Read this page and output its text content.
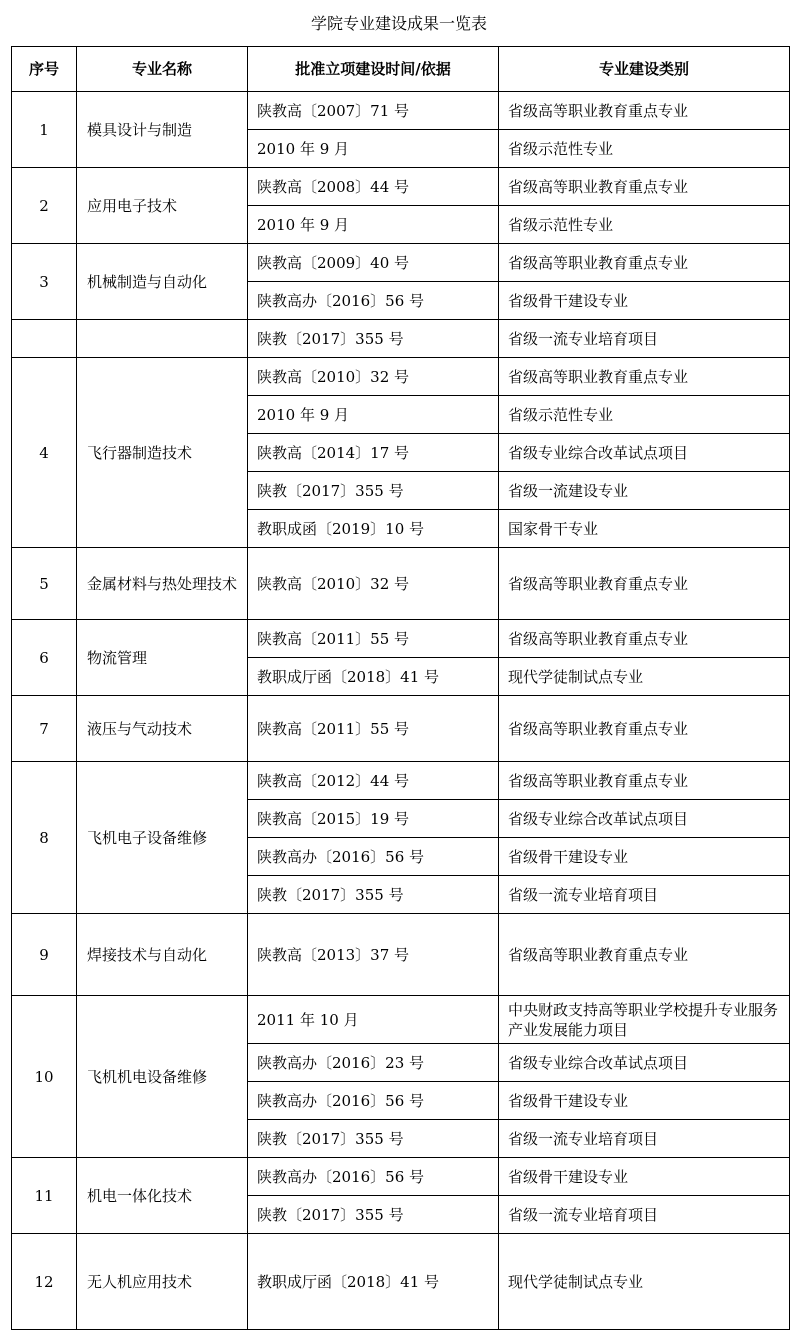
学院专业建设成果一览表
序号	专业名称	批准立项建设时间/依据	专业建设类别
1	模具设计与制造	陕教高〔2007〕71 号	省级高等职业教育重点专业
		2010 年 9 月	省级示范性专业
2	应用电子技术	陕教高〔2008〕44 号	省级高等职业教育重点专业
		2010 年 9 月	省级示范性专业
3	机械制造与自动化	陕教高〔2009〕40 号	省级高等职业教育重点专业
		陕教高办〔2016〕56 号	省级骨干建设专业
		陕教〔2017〕355 号	省级一流专业培育项目
4	飞行器制造技术	陕教高〔2010〕32 号	省级高等职业教育重点专业
		2010 年 9 月	省级示范性专业
		陕教高〔2014〕17 号	省级专业综合改革试点项目
		陕教〔2017〕355 号	省级一流建设专业
		教职成函〔2019〕10 号	国家骨干专业
5	金属材料与热处理技术	陕教高〔2010〕32 号	省级高等职业教育重点专业
6	物流管理	陕教高〔2011〕55 号	省级高等职业教育重点专业
		教职成厅函〔2018〕41 号	现代学徒制试点专业
7	液压与气动技术	陕教高〔2011〕55 号	省级高等职业教育重点专业
8	飞机电子设备维修	陕教高〔2012〕44 号	省级高等职业教育重点专业
		陕教高〔2015〕19 号	省级专业综合改革试点项目
		陕教高办〔2016〕56 号	省级骨干建设专业
		陕教〔2017〕355 号	省级一流专业培育项目
9	焊接技术与自动化	陕教高〔2013〕37 号	省级高等职业教育重点专业
10	飞机机电设备维修	2011 年 10 月	中央财政支持高等职业学校提升专业服务产业发展能力项目
		陕教高办〔2016〕23 号	省级专业综合改革试点项目
		陕教高办〔2016〕56 号	省级骨干建设专业
		陕教〔2017〕355 号	省级一流专业培育项目
11	机电一体化技术	陕教高办〔2016〕56 号	省级骨干建设专业
		陕教〔2017〕355 号	省级一流专业培育项目
12	无人机应用技术	教职成厅函〔2018〕41 号	现代学徒制试点专业
